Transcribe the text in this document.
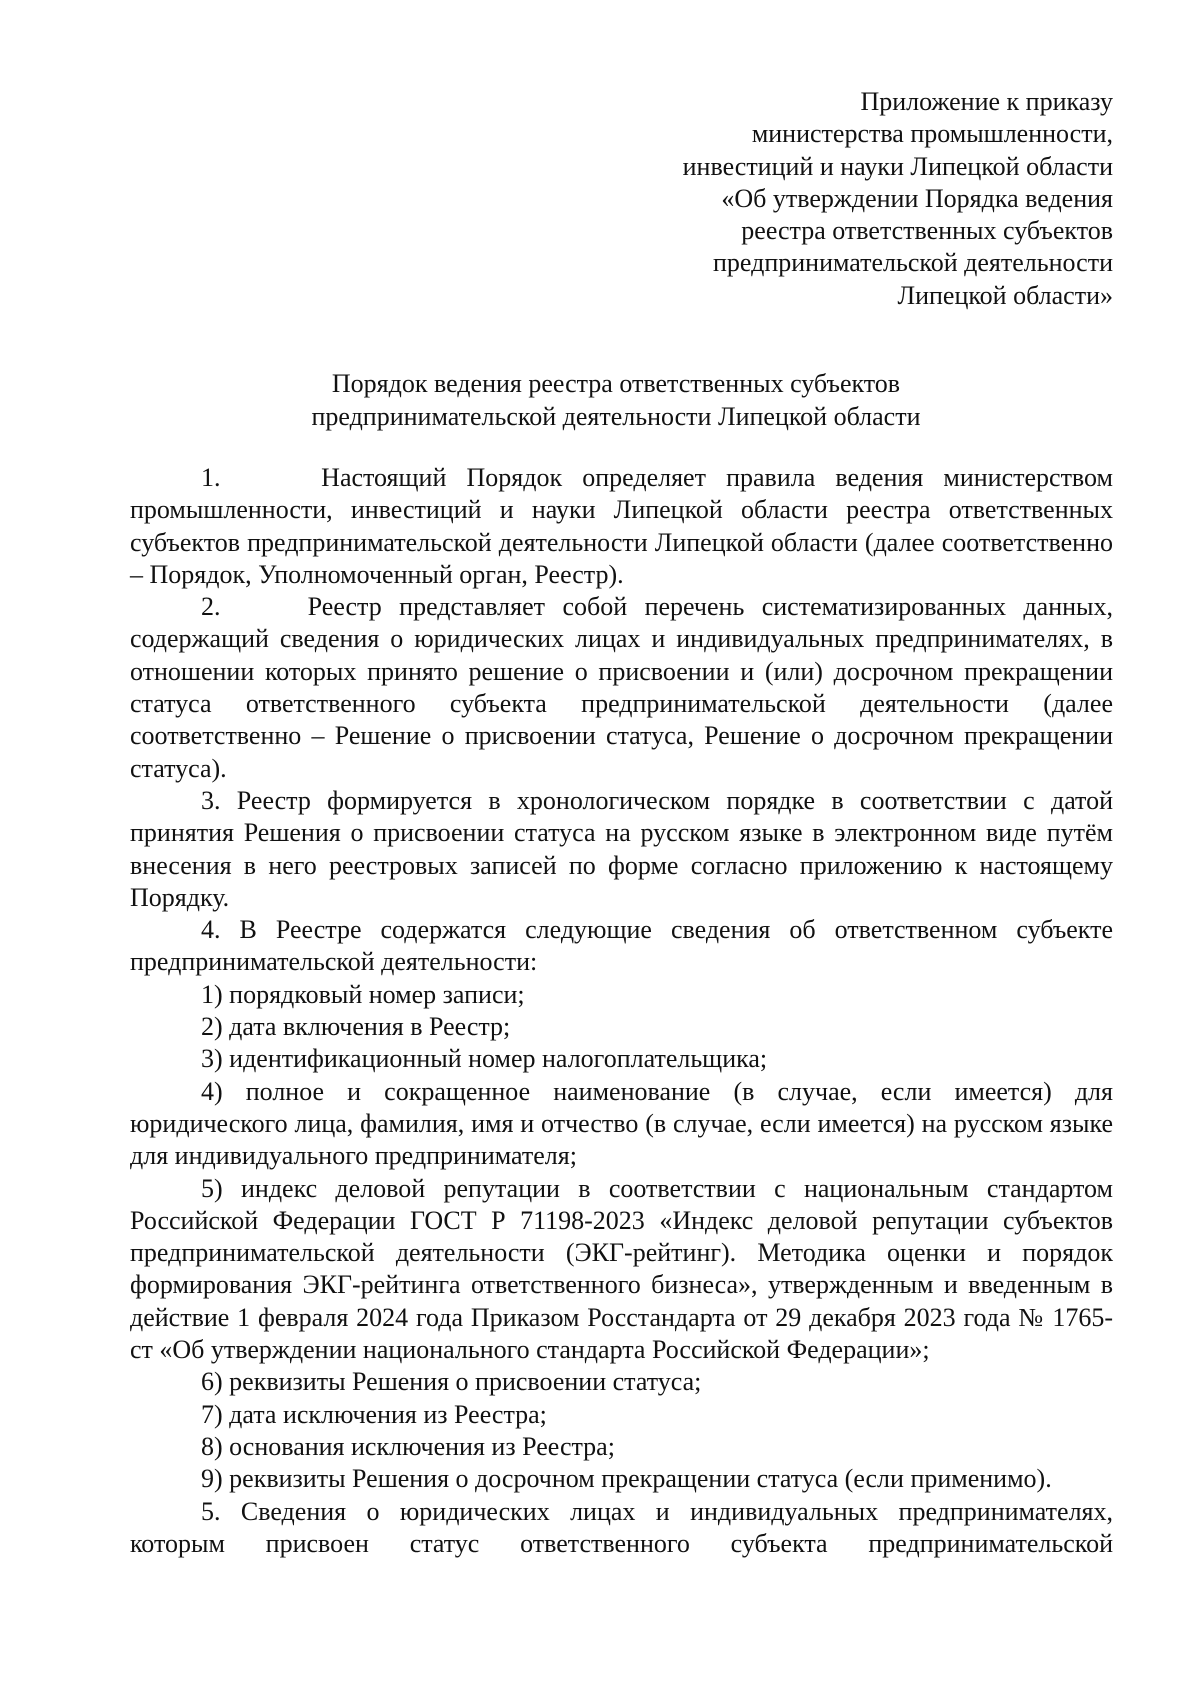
Приложение к приказу
министерства промышленности,
инвестиций и науки Липецкой области
«Об утверждении Порядка ведения
реестра ответственных субъектов
предпринимательской деятельности
Липецкой области»
Порядок ведения реестра ответственных субъектов
предпринимательской деятельности Липецкой области

1.     Настоящий Порядок определяет правила ведения министерством промышленности, инвестиций и науки Липецкой области реестра ответственных субъектов предпринимательской деятельности Липецкой области (далее соответственно – Порядок, Уполномоченный орган, Реестр).

2.     Реестр представляет собой перечень систематизированных данных, содержащий сведения о юридических лицах и индивидуальных предпринимателях, в отношении которых принято решение о присвоении и (или) досрочном прекращении статуса ответственного субъекта предпринимательской деятельности (далее соответственно – Решение о присвоении статуса, Решение о досрочном прекращении статуса).

3. Реестр формируется в хронологическом порядке в соответствии с датой принятия Решения о присвоении статуса на русском языке в электронном виде путём внесения в него реестровых записей по форме согласно приложению к настоящему Порядку.

4. В Реестре содержатся следующие сведения об ответственном субъекте предпринимательской деятельности:

1) порядковый номер записи;

2) дата включения в Реестр;

3) идентификационный номер налогоплательщика;

4) полное и сокращенное наименование (в случае, если имеется) для юридического лица, фамилия, имя и отчество (в случае, если имеется) на русском языке для индивидуального предпринимателя;

5) индекс деловой репутации в соответствии с национальным стандартом Российской Федерации ГОСТ Р 71198-2023 «Индекс деловой репутации субъектов предпринимательской деятельности (ЭКГ-рейтинг). Методика оценки и порядок формирования ЭКГ-рейтинга ответственного бизнеса», утвержденным и введенным в действие 1 февраля 2024 года Приказом Росстандарта от 29 декабря 2023 года № 1765-ст «Об утверждении национального стандарта Российской Федерации»;

6) реквизиты Решения о присвоении статуса;

7) дата исключения из Реестра;

8) основания исключения из Реестра;

9) реквизиты Решения о досрочном прекращении статуса (если применимо).

5. Сведения о юридических лицах и индивидуальных предпринимателях, которым присвоен статус ответственного субъекта предпринимательской
